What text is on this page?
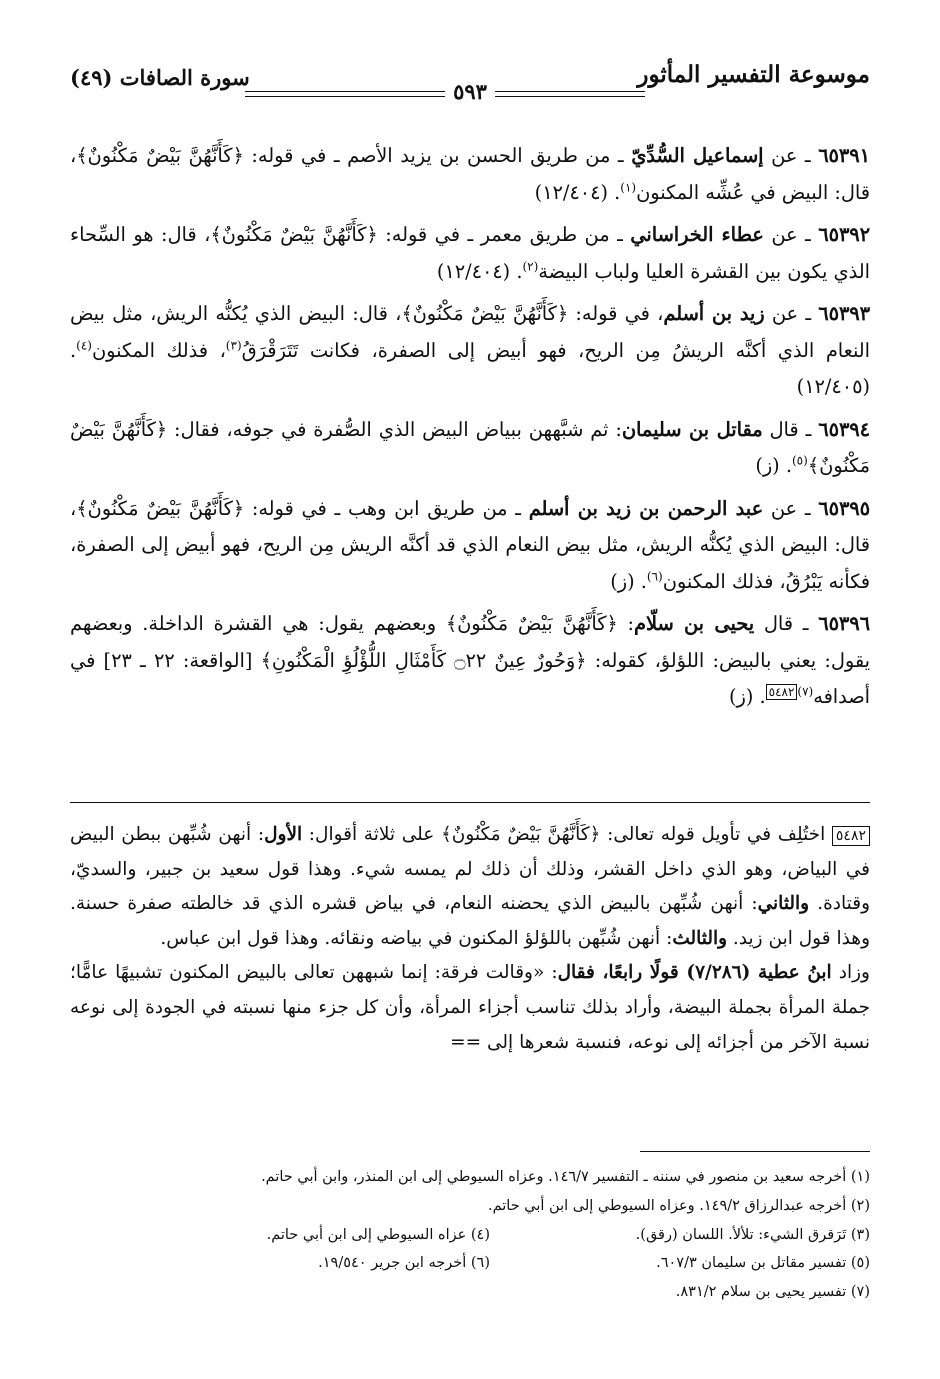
موسوعة التفسير المأثور
٥٩٣
سورة الصافات (٤٩)

٦٥٣٩١ ـ عن إسماعيل السُّدِّيّ ـ من طريق الحسن بن يزيد الأصم ـ في قوله: ﴿كَأَنَّهُنَّ بَيْضٌ مَكْنُونٌ﴾، قال: البيض في عُشِّه المكنون$^{(١)}$. (١٢/٤٠٤)

٦٥٣٩٢ ـ عن عطاء الخراساني ـ من طريق معمر ـ في قوله: ﴿كَأَنَّهُنَّ بَيْضٌ مَكْنُونٌ﴾، قال: هو السِّحاء الذي يكون بين القشرة العليا ولباب البيضة$^{(٢)}$. (١٢/٤٠٤)

٦٥٣٩٣ ـ عن زيد بن أسلم، في قوله: ﴿كَأَنَّهُنَّ بَيْضٌ مَكْنُونٌ﴾، قال: البيض الذي يُكنُّه الريش، مثل بيض النعام الذي أكنَّه الريشُ مِن الريح، فهو أبيض إلى الصفرة، فكانت تَتَرَقْرَقُ$^{(٣)}$، فذلك المكنون$^{(٤)}$. (١٢/٤٠٥)

٦٥٣٩٤ ـ قال مقاتل بن سليمان: ثم شبَّههن ببياض البيض الذي الصُّفرة في جوفه، فقال: ﴿كَأَنَّهُنَّ بَيْضٌ مَكْنُونٌ﴾$^{(٥)}$. (ز)

٦٥٣٩٥ ـ عن عبد الرحمن بن زيد بن أسلم ـ من طريق ابن وهب ـ في قوله: ﴿كَأَنَّهُنَّ بَيْضٌ مَكْنُونٌ﴾، قال: البيض الذي يُكنُّه الريش، مثل بيض النعام الذي قد أكنَّه الريش مِن الريح، فهو أبيض إلى الصفرة، فكأنه يَبْرُقُ، فذلك المكنون$^{(٦)}$. (ز)

٦٥٣٩٦ ـ قال يحيى بن سلّام: ﴿كَأَنَّهُنَّ بَيْضٌ مَكْنُونٌ﴾ وبعضهم يقول: هي القشرة الداخلة. وبعضهم يقول: يعني بالبيض: اللؤلؤ، كقوله: ﴿وَحُورٌ عِينٌ ۝٢٢ كَأَمْثَالِ اللُّؤْلُؤِ الْمَكْنُونِ﴾ [الواقعة: ٢٢ ـ ٢٣] في أصدافه$^{(٧)٥٤٨٢}$. (ز)

٥٤٨٢ اختُلِف في تأويل قوله تعالى: ﴿كَأَنَّهُنَّ بَيْضٌ مَكْنُونٌ﴾ على ثلاثة أقوال: الأول: أنهن شُبِّهن ببطن البيض في البياض، وهو الذي داخل القشر، وذلك أن ذلك لم يمسه شيء. وهذا قول سعيد بن جبير، والسديّ، وقتادة. والثاني: أنهن شُبِّهن بالبيض الذي يحضنه النعام، في بياض قشره الذي قد خالطته صفرة حسنة. وهذا قول ابن زيد. والثالث: أنهن شُبِّهن باللؤلؤ المكنون في بياضه ونقائه. وهذا قول ابن عباس.

وزاد ابنُ عطية (٧/٢٨٦) قولًا رابعًا، فقال: «وقالت فرقة: إنما شبههن تعالى بالبيض المكنون تشبيهًا عامًّا؛ جملة المرأة بجملة البيضة، وأراد بذلك تناسب أجزاء المرأة، وأن كل جزء منها نسبته في الجودة إلى نوعه نسبة الآخر من أجزائه إلى نوعه، فنسبة شعرها إلى ==

(١) أخرجه سعيد بن منصور في سننه ـ التفسير ١٤٦/٧. وعزاه السيوطي إلى ابن المنذر، وابن أبي حاتم.
(٢) أخرجه عبدالرزاق ١٤٩/٢. وعزاه السيوطي إلى ابن أبي حاتم.
(٣) تَرَقرق الشيء: تلألأ. اللسان (رقق).
(٤) عزاه السيوطي إلى ابن أبي حاتم.
(٥) تفسير مقاتل بن سليمان ٦٠٧/٣.
(٦) أخرجه ابن جرير ١٩/٥٤٠.
(٧) تفسير يحيى بن سلام ٨٣١/٢.
